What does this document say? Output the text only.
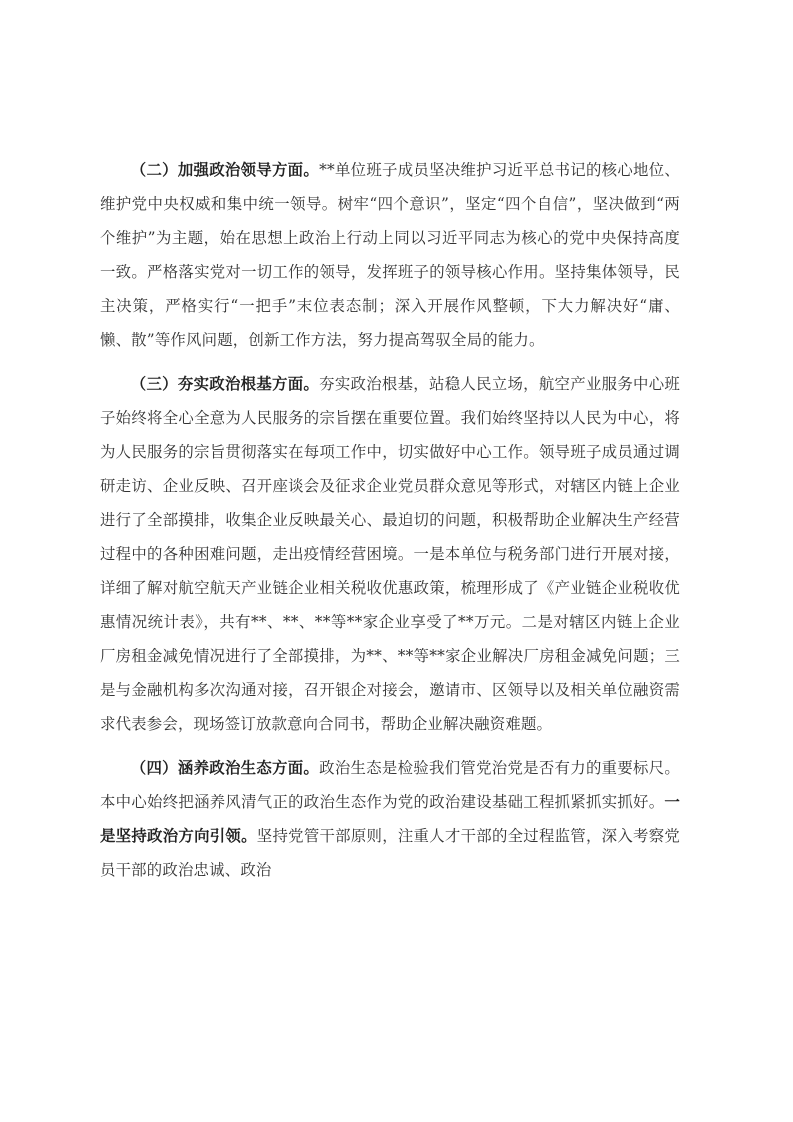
（二）加强政治领导方面。**单位班子成员坚决维护习近平总书记的核心地位、维护党中央权威和集中统一领导。树牢“四个意识”，坚定“四个自信”，坚决做到“两个维护”为主题，始在思想上政治上行动上同以习近平同志为核心的党中央保持高度一致。严格落实党对一切工作的领导，发挥班子的领导核心作用。坚持集体领导，民主决策，严格实行“一把手”末位表态制；深入开展作风整顿，下大力解决好“庸、懒、散”等作风问题，创新工作方法，努力提高驾驭全局的能力。

（三）夯实政治根基方面。夯实政治根基，站稳人民立场，航空产业服务中心班子始终将全心全意为人民服务的宗旨摆在重要位置。我们始终坚持以人民为中心，将为人民服务的宗旨贯彻落实在每项工作中，切实做好中心工作。领导班子成员通过调研走访、企业反映、召开座谈会及征求企业党员群众意见等形式，对辖区内链上企业进行了全部摸排，收集企业反映最关心、最迫切的问题，积极帮助企业解决生产经营过程中的各种困难问题，走出疫情经营困境。一是本单位与税务部门进行开展对接，详细了解对航空航天产业链企业相关税收优惠政策，梳理形成了《产业链企业税收优惠情况统计表》，共有**、**、**等**家企业享受了**万元。二是对辖区内链上企业厂房租金减免情况进行了全部摸排，为**、**等**家企业解决厂房租金减免问题；三是与金融机构多次沟通对接，召开银企对接会，邀请市、区领导以及相关单位融资需求代表参会，现场签订放款意向合同书，帮助企业解决融资难题。

（四）涵养政治生态方面。政治生态是检验我们管党治党是否有力的重要标尺。本中心始终把涵养风清气正的政治生态作为党的政治建设基础工程抓紧抓实抓好。一是坚持政治方向引领。坚持党管干部原则，注重人才干部的全过程监管，深入考察党员干部的政治忠诚、政治
